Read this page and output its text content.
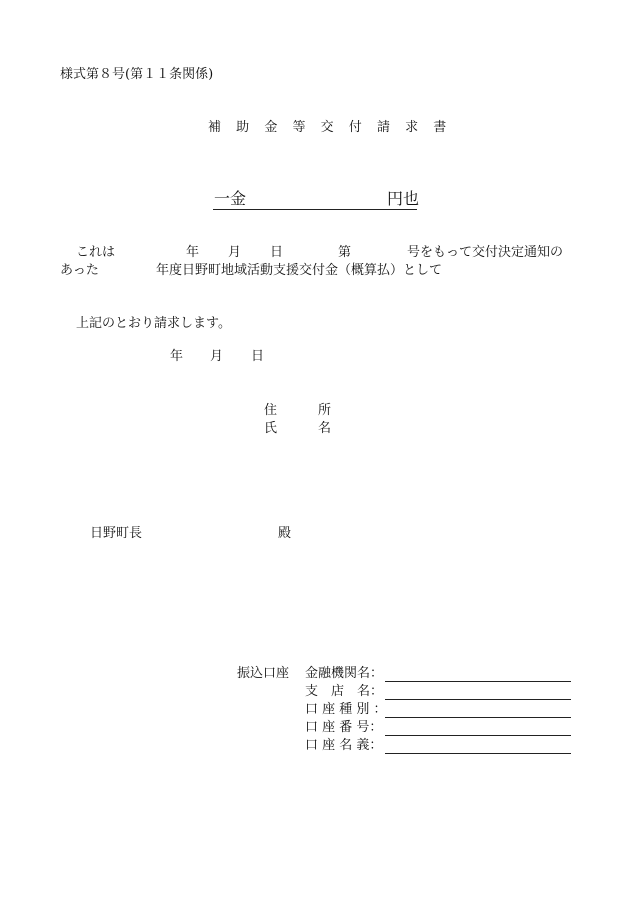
様式第８号(第１１条関係)
補 助 金 等 交 付 請 求 書
一金	円也
これは	年 月 日	第	号をもって交付決定通知の
あった	年度日野町地域活動支援交付金（概算払）として
上記のとおり請求します。
年 月 日
住	所
氏	名
日野町長	殿
振込口座 金融機関名：
支　店　名：
口 座 種 別 ：
口 座 番 号：
口 座 名 義：
